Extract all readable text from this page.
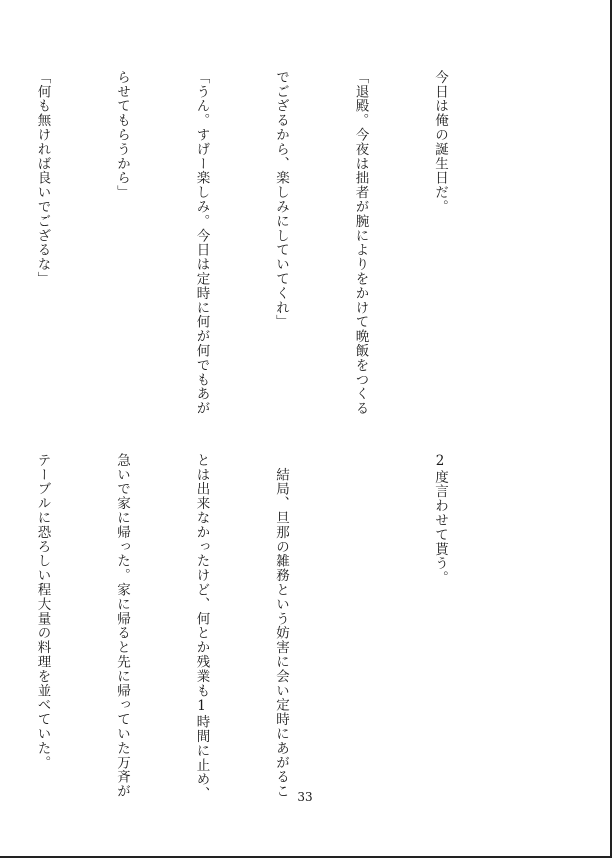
今日は俺の誕生日だ。

「退殿。今夜は拙者が腕によりをかけて晩飯をつくる

でござるから、楽しみにしていてくれ」

「うん。すげー楽しみ。今日は定時に何が何でもあが

らせてもらうから」

「何も無ければ良いでござるな」

2度言わせて貰う。

　結局、旦那の雑務という妨害に会い定時にあがるこ

とは出来なかったけど、何とか残業も1時間に止め、

急いで家に帰った。家に帰ると先に帰っていた万斉が

テーブルに恐ろしい程大量の料理を並べていた。

33
